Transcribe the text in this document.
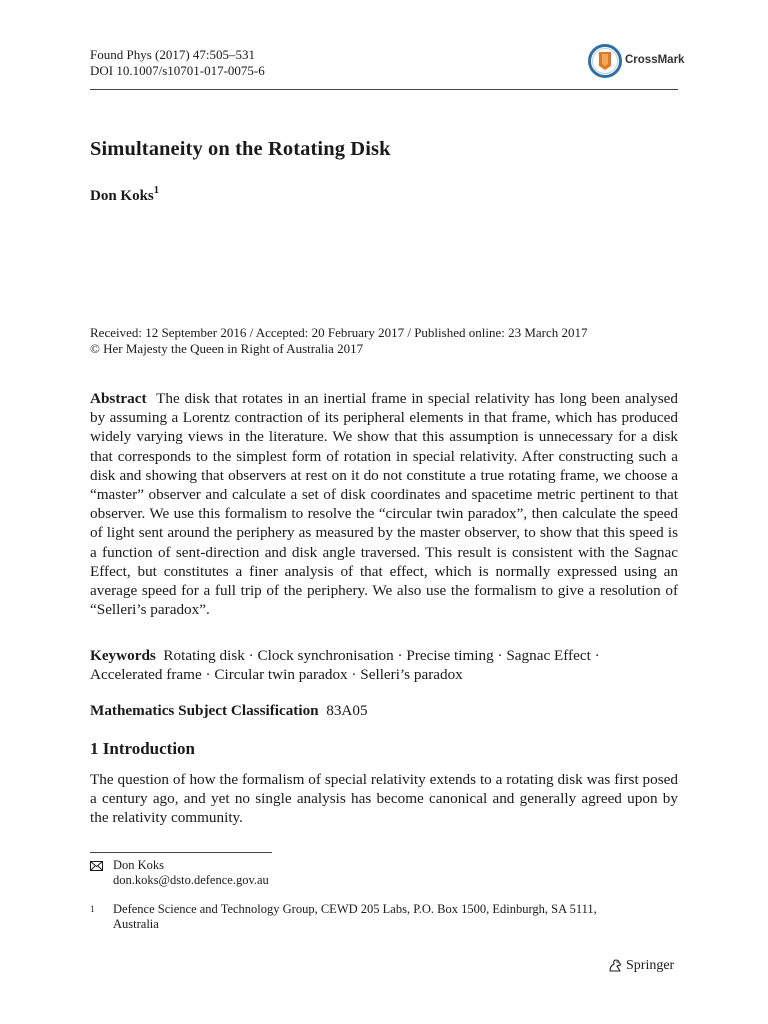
Found Phys (2017) 47:505–531
DOI 10.1007/s10701-017-0075-6
CrossMark
Simultaneity on the Rotating Disk
Don Koks$^1$
Received: 12 September 2016 / Accepted: 20 February 2017 / Published online: 23 March 2017
© Her Majesty the Queen in Right of Australia 2017
Abstract The disk that rotates in an inertial frame in special relativity has long been analysed by assuming a Lorentz contraction of its peripheral elements in that frame, which has produced widely varying views in the literature. We show that this assumption is unnecessary for a disk that corresponds to the simplest form of rotation in special relativity. After constructing such a disk and showing that observers at rest on it do not constitute a true rotating frame, we choose a “master” observer and calculate a set of disk coordinates and spacetime metric pertinent to that observer. We use this formalism to resolve the “circular twin paradox”, then calculate the speed of light sent around the periphery as measured by the master observer, to show that this speed is a function of sent-direction and disk angle traversed. This result is consistent with the Sagnac Effect, but constitutes a finer analysis of that effect, which is normally expressed using an average speed for a full trip of the periphery. We also use the formalism to give a resolution of “Selleri’s paradox”.
Keywords Rotating disk · Clock synchronisation · Precise timing · Sagnac Effect ·
Accelerated frame · Circular twin paradox · Selleri’s paradox
Mathematics Subject Classification 83A05
1 Introduction
The question of how the formalism of special relativity extends to a rotating disk was first posed a century ago, and yet no single analysis has become canonical and generally agreed upon by the relativity community.
Don Koks
don.koks@dsto.defence.gov.au
1 Defence Science and Technology Group, CEWD 205 Labs, P.O. Box 1500, Edinburgh, SA 5111,
Australia
Springer
